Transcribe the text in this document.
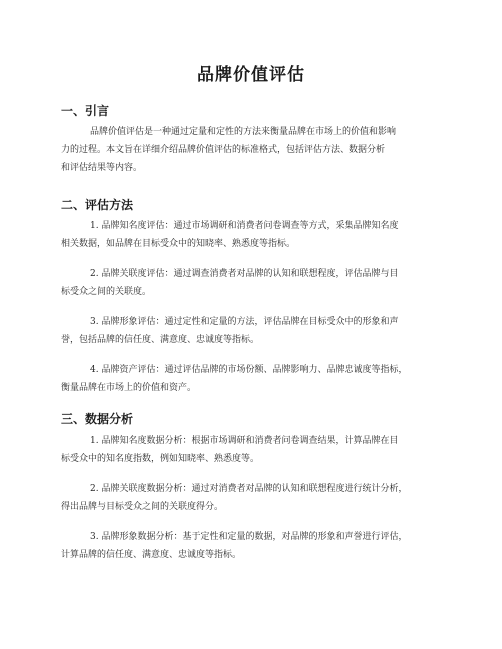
品牌价值评估
一、引言
品牌价值评估是一种通过定量和定性的方法来衡量品牌在市场上的价值和影响
力的过程。本文旨在详细介绍品牌价值评估的标准格式，包括评估方法、数据分析
和评估结果等内容。
二、评估方法
1. 品牌知名度评估：通过市场调研和消费者问卷调查等方式，采集品牌知名度
相关数据，如品牌在目标受众中的知晓率、熟悉度等指标。
2. 品牌关联度评估：通过调查消费者对品牌的认知和联想程度，评估品牌与目
标受众之间的关联度。
3. 品牌形象评估：通过定性和定量的方法，评估品牌在目标受众中的形象和声
誉，包括品牌的信任度、满意度、忠诚度等指标。
4. 品牌资产评估：通过评估品牌的市场份额、品牌影响力、品牌忠诚度等指标，
衡量品牌在市场上的价值和资产。
三、数据分析
1. 品牌知名度数据分析：根据市场调研和消费者问卷调查结果，计算品牌在目
标受众中的知名度指数，例如知晓率、熟悉度等。
2. 品牌关联度数据分析：通过对消费者对品牌的认知和联想程度进行统计分析，
得出品牌与目标受众之间的关联度得分。
3. 品牌形象数据分析：基于定性和定量的数据，对品牌的形象和声誉进行评估，
计算品牌的信任度、满意度、忠诚度等指标。
